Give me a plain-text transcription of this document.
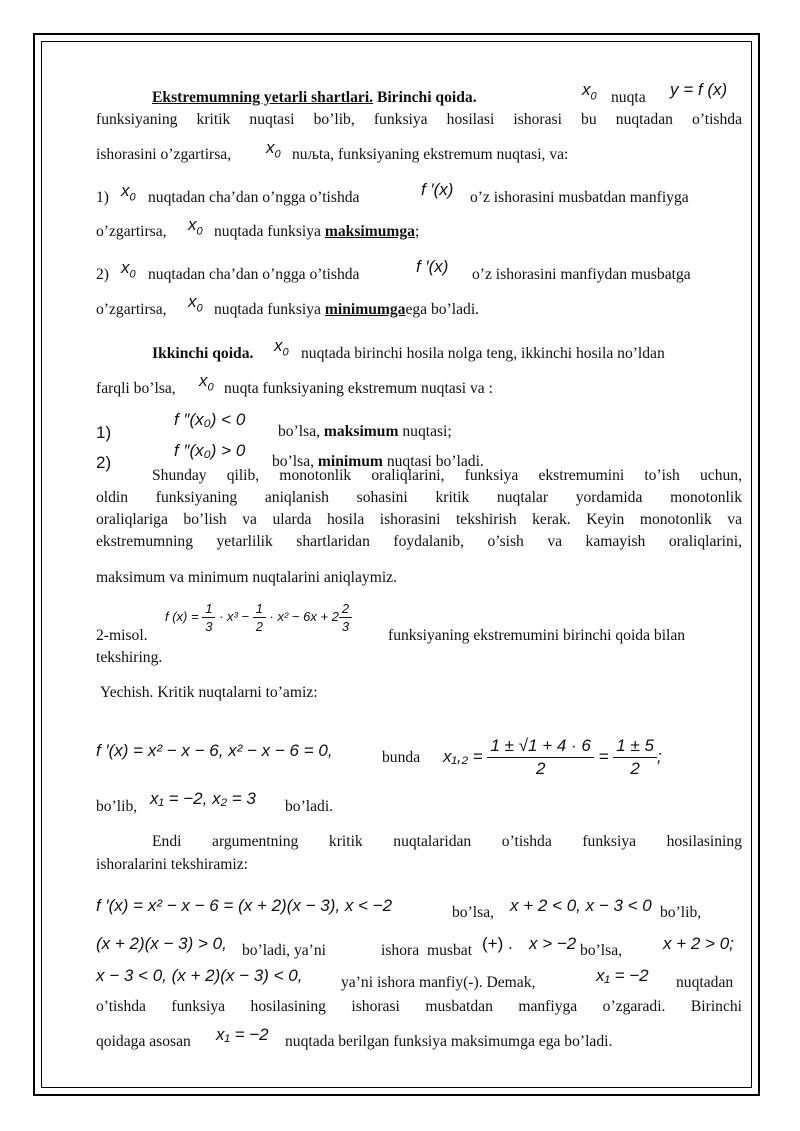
Ekstremumning yetarli shartlari. Birinchi qoida.	$x_0$ nuqta y = f (x)
funksiyaning kritik nuqtasi bo’lib, funksiya hosilasi ishorasi bu nuqtadan o’tishda
ishorasini o’zgartirsa, $x_0$ nuљta, funksiyaning ekstremum nuqtasi, va:
1) $x_0$ nuqtadan cha’dan o’ngga o’tishda	f ′(x) o’z ishorasini musbatdan manfiyga
o’zgartirsa, $x_0$ nuqtada funksiya maksimumga;
2) $x_0$ nuqtadan cha’dan o’ngga o’tishda	f ′(x) o’z ishorasini manfiydan musbatga
o’zgartirsa, $x_0$ nuqtada funksiya minimumgaega bo’ladi.
Ikkinchi qoida. $x_0$ nuqtada birinchi hosila nolga teng, ikkinchi hosila no’ldan
farqli bo’lsa, $x_0$ nuqta funksiyaning ekstremum nuqtasi va :
1)
f ″(x₀) < 0
bo’lsa, maksimum nuqtasi;
2)
f ″(x₀) > 0
bo’lsa, minimum nuqtasi bo’ladi.
Shunday qilib, monotonlik oraliqlarini, funksiya ekstremumini to’ish uchun,
oldin funksiyaning aniqlanish sohasini kritik nuqtalar yordamida monotonlik
oraliqlariga bo’lish va ularda hosila ishorasini tekshirish kerak. Keyin monotonlik va
ekstremumning yetarlilik shartlaridan foydalanib, o’sish va kamayish oraliqlarini,
maksimum va minimum nuqtalarini aniqlaymiz.
2-misol.
f $(x) = \frac{1}{3} \cdot x^3 - \frac{1}{2} \cdot x^2 - 6x + 2 \frac{2}{3}$
funksiyaning ekstremumini birinchi qoida bilan
tekshiring.
Yechish. Kritik nuqtalarni to’amiz:
f ′(x) = x² − x − 6, x² − x − 6 = 0,	bunda $x_1,_2 = \frac{1 \pm √1 + 4 \cdot 6}{2} = \frac{1 \pm 5}{2}$ ;
bo’lib, x₁ = −2, x₂ = 3 bo’ladi.
Endi argumentning kritik nuqtalaridan o’tishda funksiya hosilasining
ishoralarini tekshiramiz:
f ′(x) = x² − x − 6 = (x + 2)(x − 3), x < −2	bo’lsa, x + 2 < 0, x − 3 < 0 bo’lib,
(x + 2)(x − 3) > 0, bo’ladi, ya’ni	ishora musbat (+) . x > −2 bo’lsa, x + 2 > 0;
x − 3 < 0, (x + 2)(x − 3) < 0, ya’ni ishora manfiy(-). Demak,	x₁ = −2 nuqtadan
o’tishda funksiya hosilasining ishorasi musbatdan manfiyga o’zgaradi. Birinchi
qoidaga asosan x₁ = −2 nuqtada berilgan funksiya maksimumga ega bo’ladi.
